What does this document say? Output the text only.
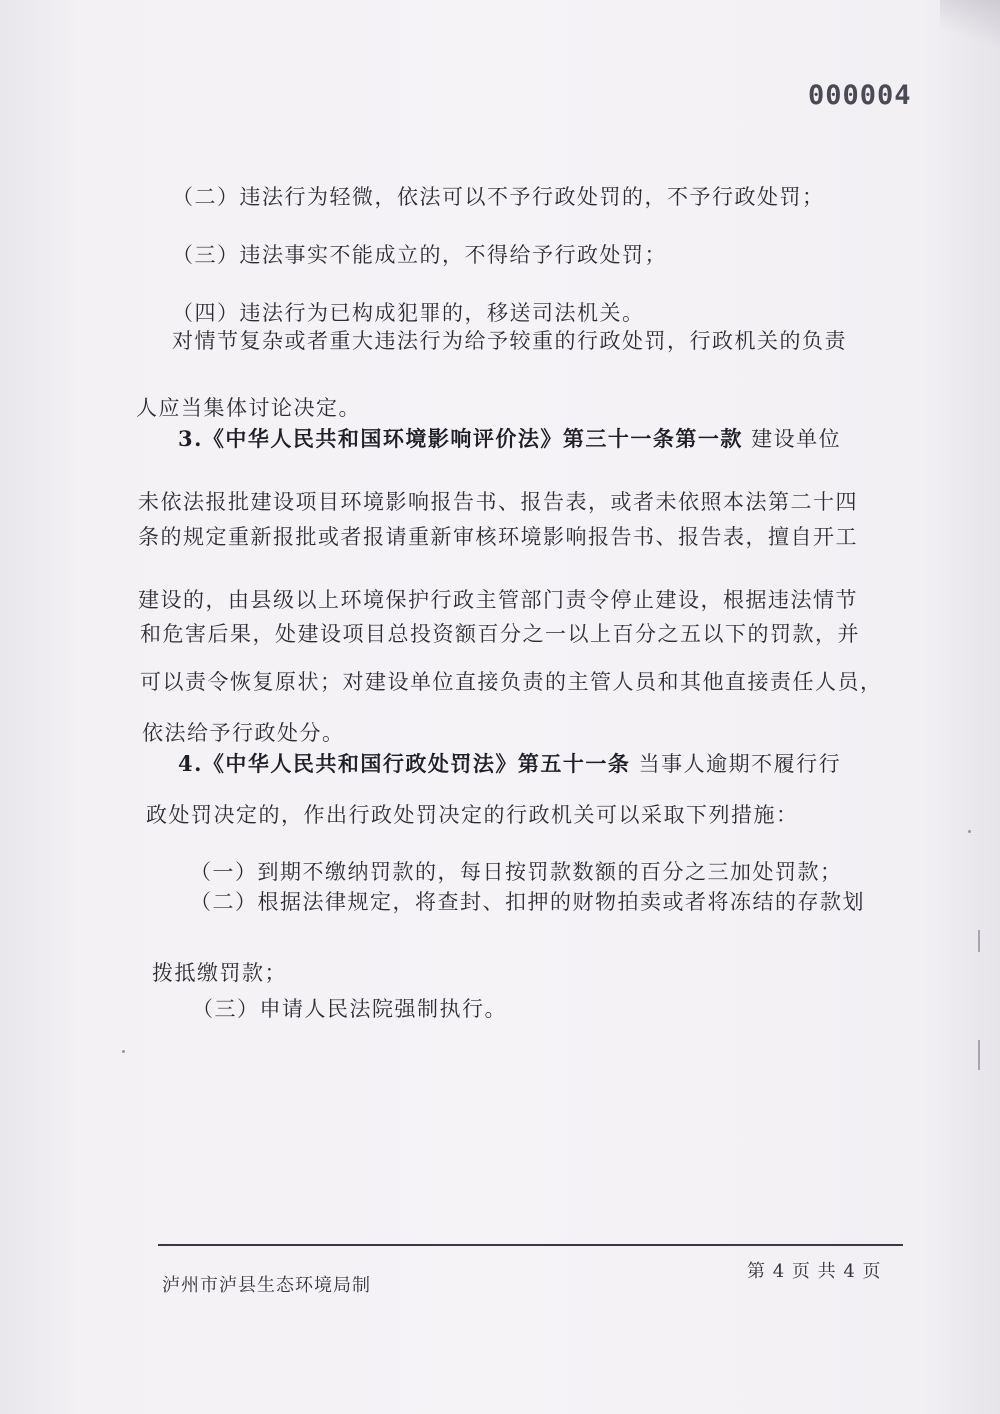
000004
（二）违法行为轻微，依法可以不予行政处罚的，不予行政处罚；
（三）违法事实不能成立的，不得给予行政处罚；
（四）违法行为已构成犯罪的，移送司法机关。
对情节复杂或者重大违法行为给予较重的行政处罚，行政机关的负责
人应当集体讨论决定。
3.《中华人民共和国环境影响评价法》第三十一条第一款 建设单位
未依法报批建设项目环境影响报告书、报告表，或者未依照本法第二十四
条的规定重新报批或者报请重新审核环境影响报告书、报告表，擅自开工
建设的，由县级以上环境保护行政主管部门责令停止建设，根据违法情节
和危害后果，处建设项目总投资额百分之一以上百分之五以下的罚款，并
可以责令恢复原状；对建设单位直接负责的主管人员和其他直接责任人员，
依法给予行政处分。
4.《中华人民共和国行政处罚法》第五十一条 当事人逾期不履行行
政处罚决定的，作出行政处罚决定的行政机关可以采取下列措施：
（一）到期不缴纳罚款的，每日按罚款数额的百分之三加处罚款；
（二）根据法律规定，将查封、扣押的财物拍卖或者将冻结的存款划
拨抵缴罚款；
（三）申请人民法院强制执行。
泸州市泸县生态环境局制
第 4 页 共 4 页
